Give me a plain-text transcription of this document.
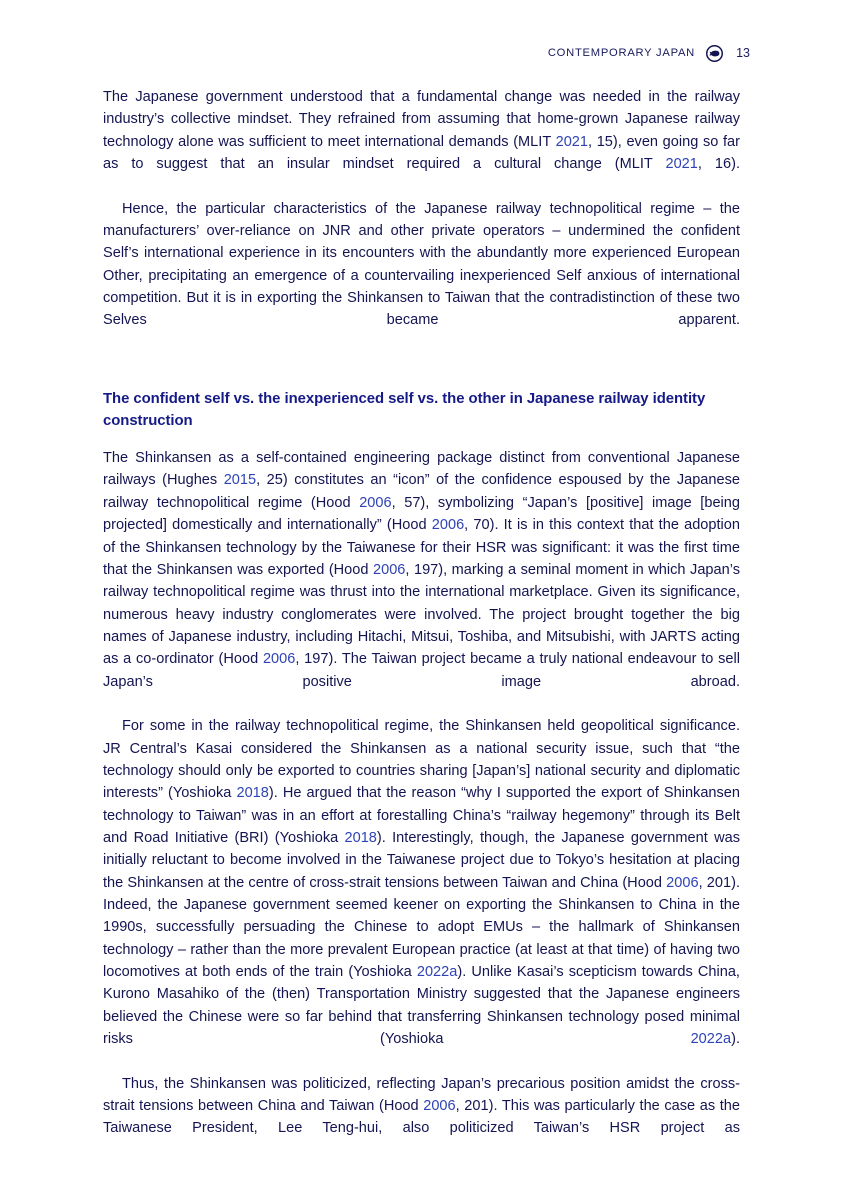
CONTEMPORARY JAPAN	13

The Japanese government understood that a fundamental change was needed in the railway industry’s collective mindset. They refrained from assuming that home-grown Japanese railway technology alone was sufficient to meet international demands (MLIT 2021, 15), even going so far as to suggest that an insular mindset required a cultural change (MLIT 2021, 16).

Hence, the particular characteristics of the Japanese railway technopolitical regime – the manufacturers’ over-reliance on JNR and other private operators – undermined the confident Self’s international experience in its encounters with the abundantly more experienced European Other, precipitating an emergence of a countervailing inexperienced Self anxious of international competition. But it is in exporting the Shinkansen to Taiwan that the contradistinction of these two Selves became apparent.

The confident self vs. the inexperienced self vs. the other in Japanese railway identity construction

The Shinkansen as a self-contained engineering package distinct from conventional Japanese railways (Hughes 2015, 25) constitutes an “icon” of the confidence espoused by the Japanese railway technopolitical regime (Hood 2006, 57), symbolizing “Japan’s [positive] image [being projected] domestically and internationally” (Hood 2006, 70). It is in this context that the adoption of the Shinkansen technology by the Taiwanese for their HSR was significant: it was the first time that the Shinkansen was exported (Hood 2006, 197), marking a seminal moment in which Japan’s railway technopolitical regime was thrust into the international marketplace. Given its significance, numerous heavy industry conglomerates were involved. The project brought together the big names of Japanese industry, including Hitachi, Mitsui, Toshiba, and Mitsubishi, with JARTS acting as a co-ordinator (Hood 2006, 197). The Taiwan project became a truly national endeavour to sell Japan’s positive image abroad.

For some in the railway technopolitical regime, the Shinkansen held geopolitical significance. JR Central’s Kasai considered the Shinkansen as a national security issue, such that “the technology should only be exported to countries sharing [Japan’s] national security and diplomatic interests” (Yoshioka 2018). He argued that the reason “why I supported the export of Shinkansen technology to Taiwan” was in an effort at forestalling China’s “railway hegemony” through its Belt and Road Initiative (BRI) (Yoshioka 2018). Interestingly, though, the Japanese government was initially reluctant to become involved in the Taiwanese project due to Tokyo’s hesitation at placing the Shinkansen at the centre of cross-strait tensions between Taiwan and China (Hood 2006, 201). Indeed, the Japanese government seemed keener on exporting the Shinkansen to China in the 1990s, successfully persuading the Chinese to adopt EMUs – the hallmark of Shinkansen technology – rather than the more prevalent European practice (at least at that time) of having two locomotives at both ends of the train (Yoshioka 2022a). Unlike Kasai’s scepticism towards China, Kurono Masahiko of the (then) Transportation Ministry suggested that the Japanese engineers believed the Chinese were so far behind that transferring Shinkansen technology posed minimal risks (Yoshioka 2022a).

Thus, the Shinkansen was politicized, reflecting Japan’s precarious position amidst the cross-strait tensions between China and Taiwan (Hood 2006, 201). This was particularly the case as the Taiwanese President, Lee Teng-hui, also politicized Taiwan’s HSR project as
